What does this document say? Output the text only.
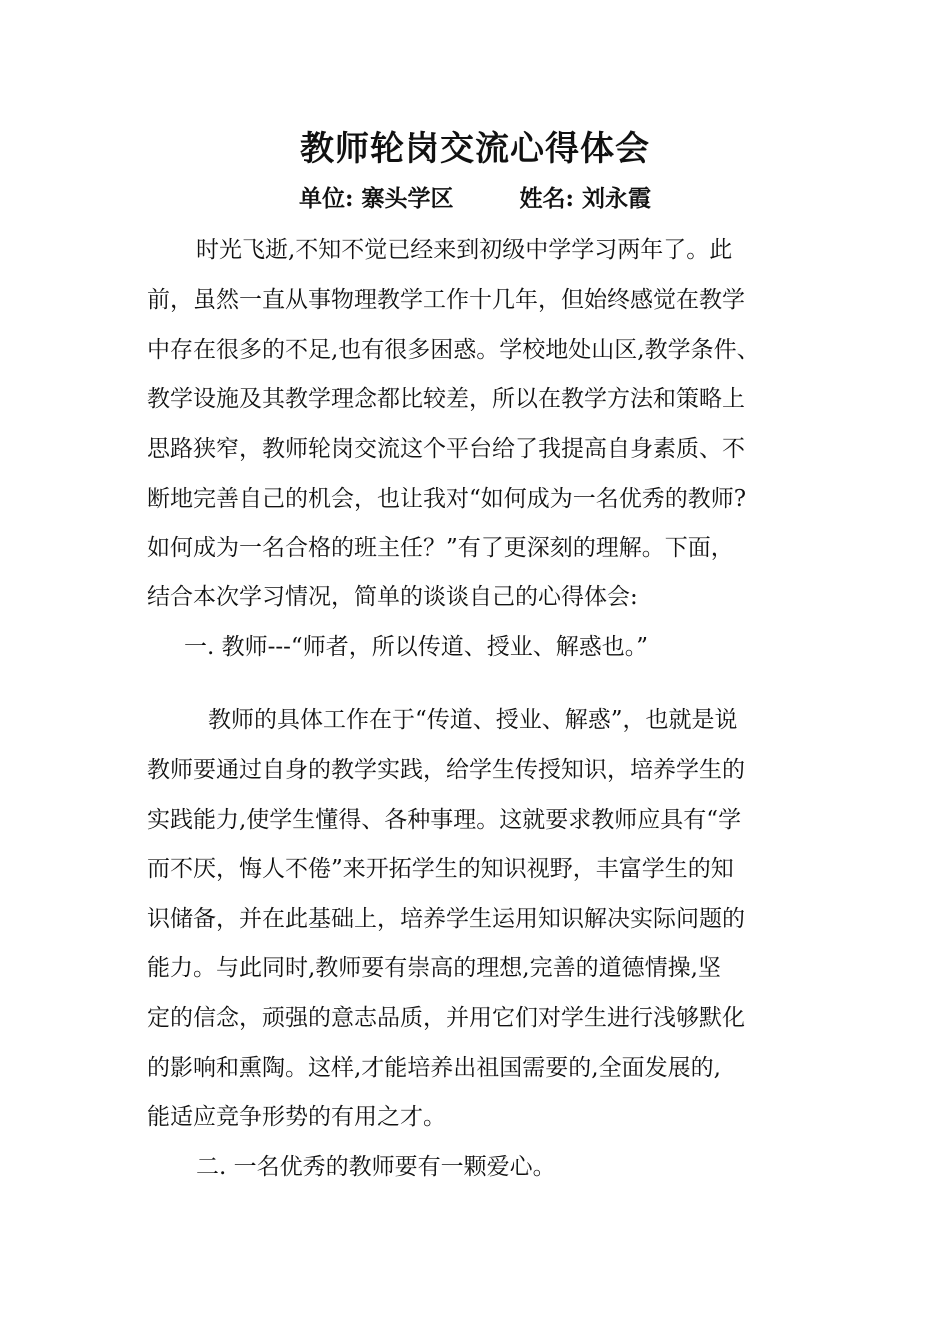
教师轮岗交流心得体会
单位: 寨头学区	姓名: 刘永霞
时光飞逝,不知不觉已经来到初级中学学习两年了。此
前，虽然一直从事物理教学工作十几年，但始终感觉在教学
中存在很多的不足,也有很多困惑。学校地处山区,教学条件、
教学设施及其教学理念都比较差，所以在教学方法和策略上
思路狭窄，教师轮岗交流这个平台给了我提高自身素质、不
断地完善自己的机会，也让我对“如何成为一名优秀的教师?
如何成为一名合格的班主任？”有了更深刻的理解。下面，
结合本次学习情况，简单的谈谈自己的心得体会:
一. 教师---“师者，所以传道、授业、解惑也。”
教师的具体工作在于“传道、授业、解惑”，也就是说
教师要通过自身的教学实践，给学生传授知识，培养学生的
实践能力,使学生懂得、各种事理。这就要求教师应具有“学
而不厌，悔人不倦”来开拓学生的知识视野，丰富学生的知
识储备，并在此基础上，培养学生运用知识解决实际问题的
能力。与此同时,教师要有崇高的理想,完善的道德情操,坚
定的信念，顽强的意志品质，并用它们对学生进行浅够默化
的影响和熏陶。这样,才能培养出祖国需要的,全面发展的,
能适应竞争形势的有用之才。
二. 一名优秀的教师要有一颗爱心。
